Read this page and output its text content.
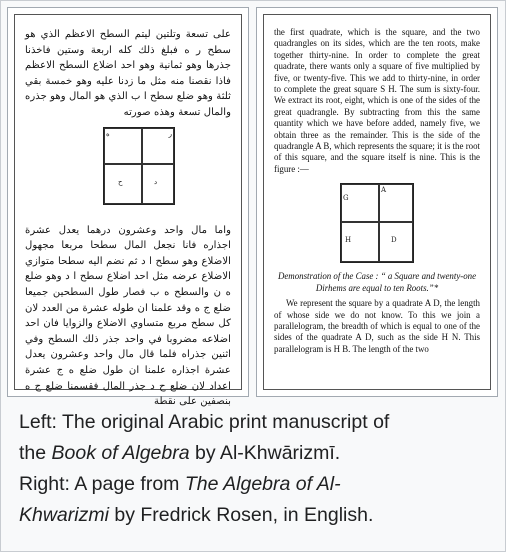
على تسعة وتلتين ليتم السطح الاعظم الذي هو سطح ر ه فبلغ ذلك كله اربعة وستين فاخذنا جذرها وهو ثمانية وهو احد اضلاع السطح الاعظم فاذا نقصنا منه مثل ما زدنا عليه وهو خمسة بقي ثلثة وهو ضلع سطح ا ب الذي هو المال وهو جذره والمال تسعة وهذه صورته
ه	ر
ح	د
واما مال واحد وعشرون درهما يعدل عشرة اجذاره فانا نجعل المال سطحا مربعا مجهول الاضلاع وهو سطح ا د ثم نضم اليه سطحا متوازي الاضلاع عرضه مثل احد اضلاع سطح ا د وهو ضلع ه ن والسطح ه ب فصار طول السطحين جميعا ضلع ج ه وقد علمنا ان طوله عشرة من العدد لان كل سطح مربع متساوي الاضلاع والزوايا فان احد اضلاعه مضروبا في واحد جذر ذلك السطح وفي اثنين جذراه فلما قال مال واحد وعشرون يعدل عشرة اجذاره علمنا ان طول ضلع ه ج عشرة اعداد لان ضلع ح د جذر المال فقسمنا ضلع ج ه بنصفين على نقطة
the first quadrate, which is the square, and the two quadrangles on its sides, which are the ten roots, make together thirty-nine. In order to complete the great quadrate, there wants only a square of five multiplied by five, or twenty-five. This we add to thirty-nine, in order to complete the great square S H. The sum is sixty-four. We extract its root, eight, which is one of the sides of the great quadrangle. By subtracting from this the same quantity which we have before added, namely five, we obtain three as the remainder. This is the side of the quadrangle A B, which represents the square; it is the root of this square, and the square itself is nine. This is the figure :—
G
A
H	D
Demonstration of the Case : “ a Square and twenty-one Dirhems are equal to ten Roots.”*
We represent the square by a quadrate A D, the length of whose side we do not know. To this we join a parallelogram, the breadth of which is equal to one of the sides of the quadrate A D, such as the side H N. This parallelogram is H B. The length of the two
Left: The original Arabic print manuscript of
the Book of Algebra by Al-Khwārizmī.
Right: A page from The Algebra of Al-
Khwarizmi by Fredrick Rosen, in English.
